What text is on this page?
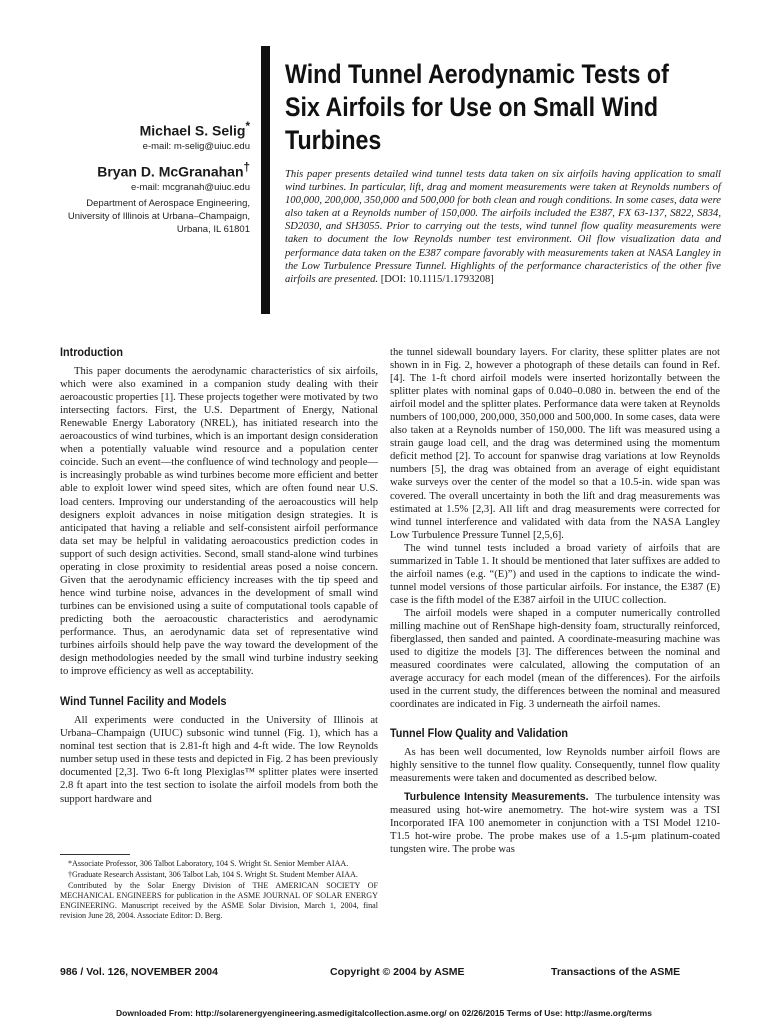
Wind Tunnel Aerodynamic Tests of Six Airfoils for Use on Small Wind Turbines
Michael S. Selig*
e-mail: m-selig@uiuc.edu
Bryan D. McGranahan†
e-mail: mcgranah@uiuc.edu
Department of Aerospace Engineering,
University of Illinois at Urbana–Champaign,
Urbana, IL 61801
This paper presents detailed wind tunnel tests data taken on six airfoils having application to small wind turbines. In particular, lift, drag and moment measurements were taken at Reynolds numbers of 100,000, 200,000, 350,000 and 500,000 for both clean and rough conditions. In some cases, data were also taken at a Reynolds number of 150,000. The airfoils included the E387, FX 63-137, S822, S834, SD2030, and SH3055. Prior to carrying out the tests, wind tunnel flow quality measurements were taken to document the low Reynolds number test environment. Oil flow visualization data and performance data taken on the E387 compare favorably with measurements taken at NASA Langley in the Low Turbulence Pressure Tunnel. Highlights of the performance characteristics of the other five airfoils are presented. [DOI: 10.1115/1.1793208]
Introduction

This paper documents the aerodynamic characteristics of six airfoils, which were also examined in a companion study dealing with their aeroacoustic properties [1]. These projects together were motivated by two intersecting factors. First, the U.S. Department of Energy, National Renewable Energy Laboratory (NREL), has initiated research into the aeroacoustics of wind turbines, which is an important design consideration when a potentially valuable wind resource and a population center coincide. Such an event—the confluence of wind technology and people—is increasingly probable as wind turbines become more efficient and better able to exploit lower wind speed sites, which are often found near U.S. load centers. Improving our understanding of the aeroacoustics will help designers exploit advances in noise mitigation design strategies. It is anticipated that having a reliable and self-consistent airfoil performance data set may be helpful in validating aeroacoustics prediction codes in support of such design activities. Second, small stand-alone wind turbines operating in close proximity to residential areas posed a noise concern. Given that the aerodynamic efficiency increases with the tip speed and hence wind turbine noise, advances in the development of small wind turbines can be envisioned using a suite of computational tools capable of predicting both the aeroacoustic characteristics and aerodynamic performance. Thus, an aerodynamic data set of representative wind turbines airfoils should help pave the way toward the development of the design methodologies needed by the small wind turbine industry seeking to improve efficiency as well as acceptability.

Wind Tunnel Facility and Models

All experiments were conducted in the University of Illinois at Urbana–Champaign (UIUC) subsonic wind tunnel (Fig. 1), which has a nominal test section that is 2.81-ft high and 4-ft wide. The low Reynolds number setup used in these tests and depicted in Fig. 2 has been previously documented [2,3]. Two 6-ft long Plexiglas™ splitter plates were inserted 2.8 ft apart into the test section to isolate the airfoil models from both the support hardware and

*Associate Professor, 306 Talbot Laboratory, 104 S. Wright St. Senior Member AIAA.

†Graduate Research Assistant, 306 Talbot Lab, 104 S. Wright St. Student Member AIAA.

Contributed by the Solar Energy Division of THE AMERICAN SOCIETY OF MECHANICAL ENGINEERS for publication in the ASME JOURNAL OF SOLAR ENERGY ENGINEERING. Manuscript received by the ASME Solar Division, March 1, 2004, final revision June 28, 2004. Associate Editor: D. Berg.

the tunnel sidewall boundary layers. For clarity, these splitter plates are not shown in in Fig. 2, however a photograph of these details can found in Ref. [4]. The 1-ft chord airfoil models were inserted horizontally between the splitter plates with nominal gaps of 0.040–0.080 in. between the end of the airfoil model and the splitter plates. Performance data were taken at Reynolds numbers of 100,000, 200,000, 350,000 and 500,000. In some cases, data were also taken at a Reynolds number of 150,000. The lift was measured using a strain gauge load cell, and the drag was determined using the momentum deficit method [2]. To account for spanwise drag variations at low Reynolds numbers [5], the drag was obtained from an average of eight equidistant wake surveys over the center of the model so that a 10.5-in. wide span was covered. The overall uncertainty in both the lift and drag measurements was estimated at 1.5% [2,3]. All lift and drag measurements were corrected for wind tunnel interference and validated with data from the NASA Langley Low Turbulence Pressure Tunnel [2,5,6].

The wind tunnel tests included a broad variety of airfoils that are summarized in Table 1. It should be mentioned that later suffixes are added to the airfoil names (e.g. “(E)”) and used in the captions to indicate the wind-tunnel model versions of those particular airfoils. For instance, the E387 (E) case is the fifth model of the E387 airfoil in the UIUC collection.

The airfoil models were shaped in a computer numerically controlled milling machine out of RenShape high-density foam, structurally reinforced, fiberglassed, then sanded and painted. A coordinate-measuring machine was used to digitize the models [3]. The differences between the nominal and measured coordinates were calculated, allowing the computation of an average accuracy for each model (mean of the differences). For the airfoils used in the current study, the differences between the nominal and measured coordinates are indicated in Fig. 3 underneath the airfoil names.

Tunnel Flow Quality and Validation

As has been well documented, low Reynolds number airfoil flows are highly sensitive to the tunnel flow quality. Consequently, tunnel flow quality measurements were taken and documented as described below.

Turbulence Intensity Measurements. The turbulence intensity was measured using hot-wire anemometry. The hot-wire system was a TSI Incorporated IFA 100 anemometer in conjunction with a TSI Model 1210-T1.5 hot-wire probe. The probe makes use of a 1.5-μm platinum-coated tungsten wire. The probe was

986 / Vol. 126, NOVEMBER 2004	Copyright © 2004 by ASME	Transactions of the ASME
Downloaded From: http://solarenergyengineering.asmedigitalcollection.asme.org/ on 02/26/2015 Terms of Use: http://asme.org/terms
